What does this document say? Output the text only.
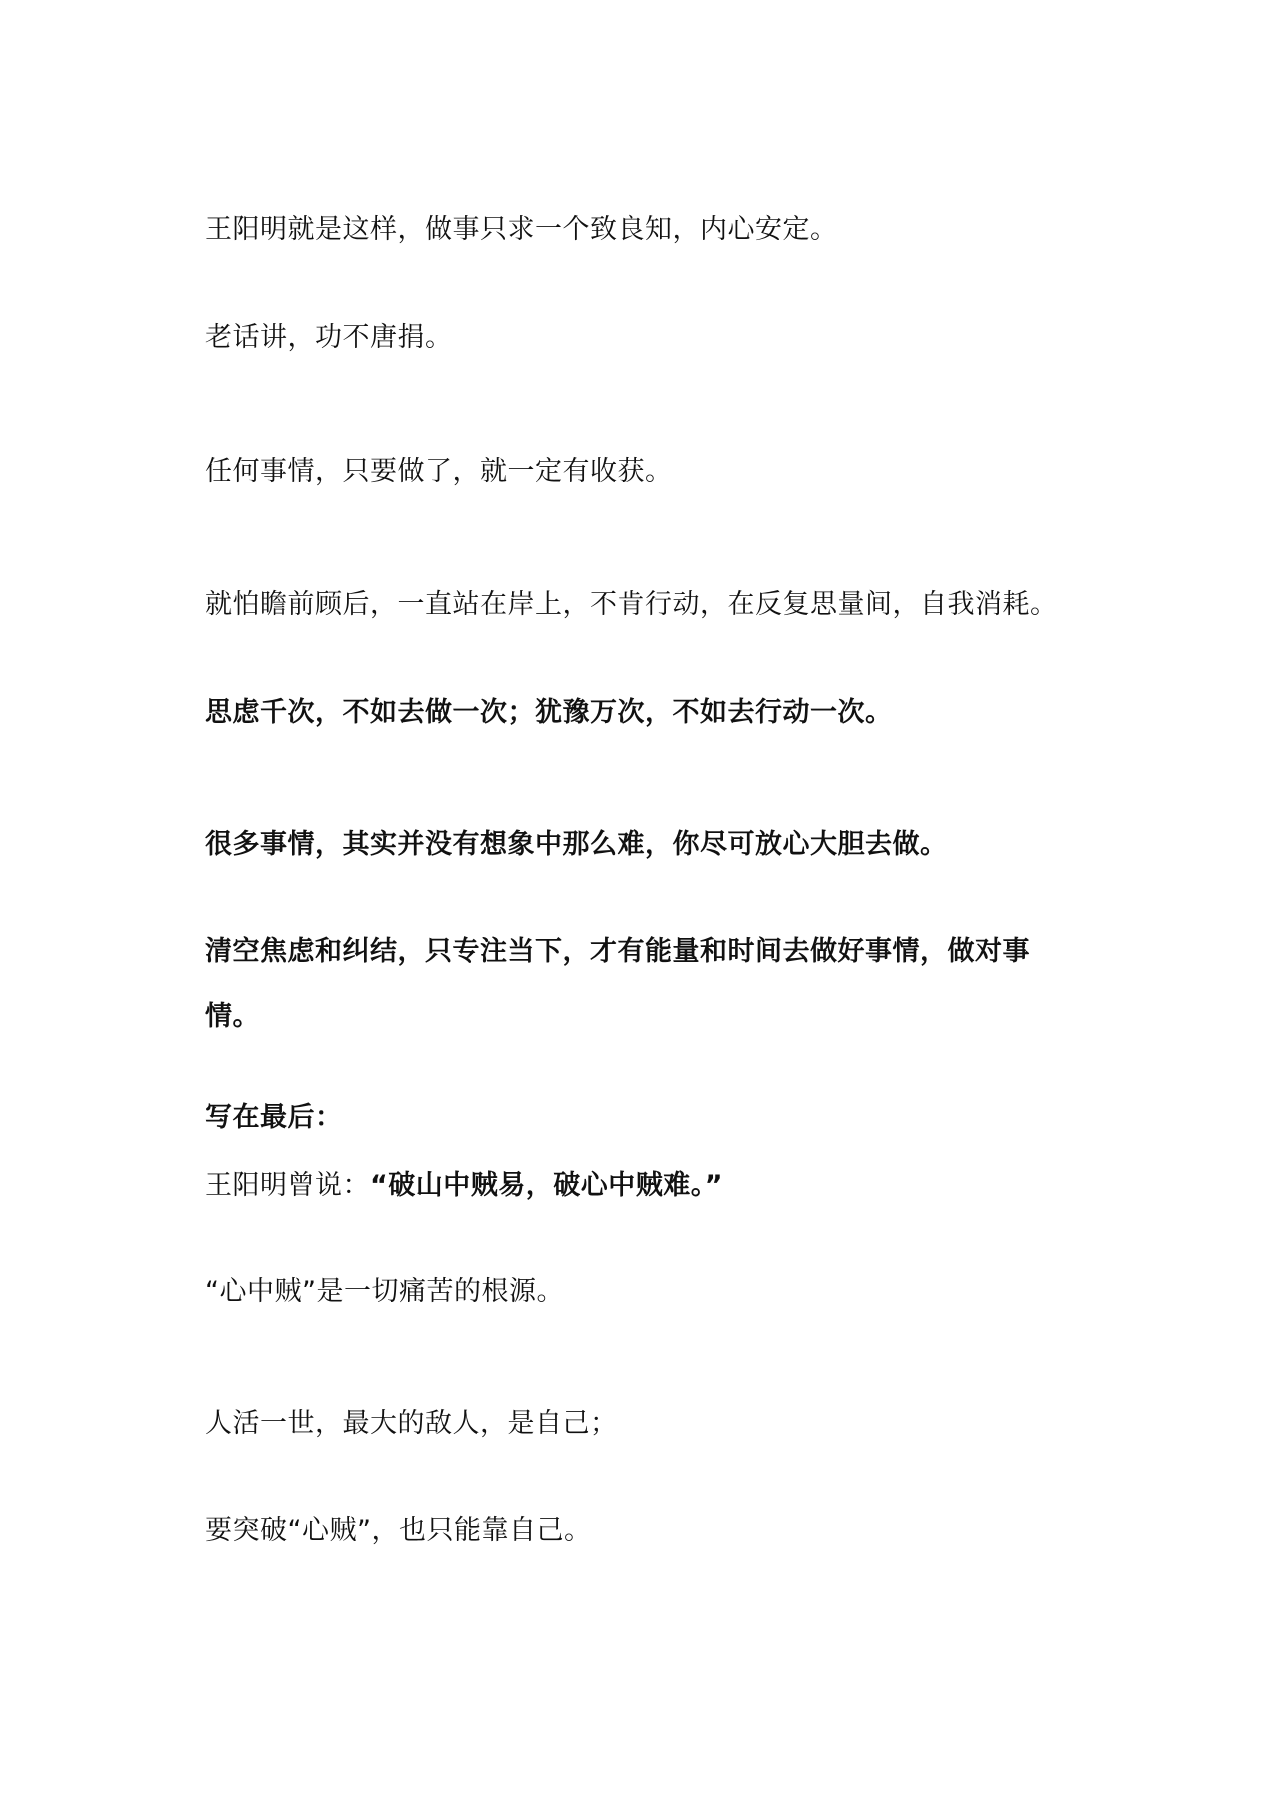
王阳明就是这样，做事只求一个致良知，内心安定。

老话讲，功不唐捐。

任何事情，只要做了，就一定有收获。

就怕瞻前顾后，一直站在岸上，不肯行动，在反复思量间，自我消耗。

思虑千次，不如去做一次；犹豫万次，不如去行动一次。

很多事情，其实并没有想象中那么难，你尽可放心大胆去做。

清空焦虑和纠结，只专注当下，才有能量和时间去做好事情，做对事

情。

写在最后：

王阳明曾说：“破山中贼易，破心中贼难。”

“心中贼”是一切痛苦的根源。

人活一世，最大的敌人，是自己；

要突破“心贼”，也只能靠自己。
